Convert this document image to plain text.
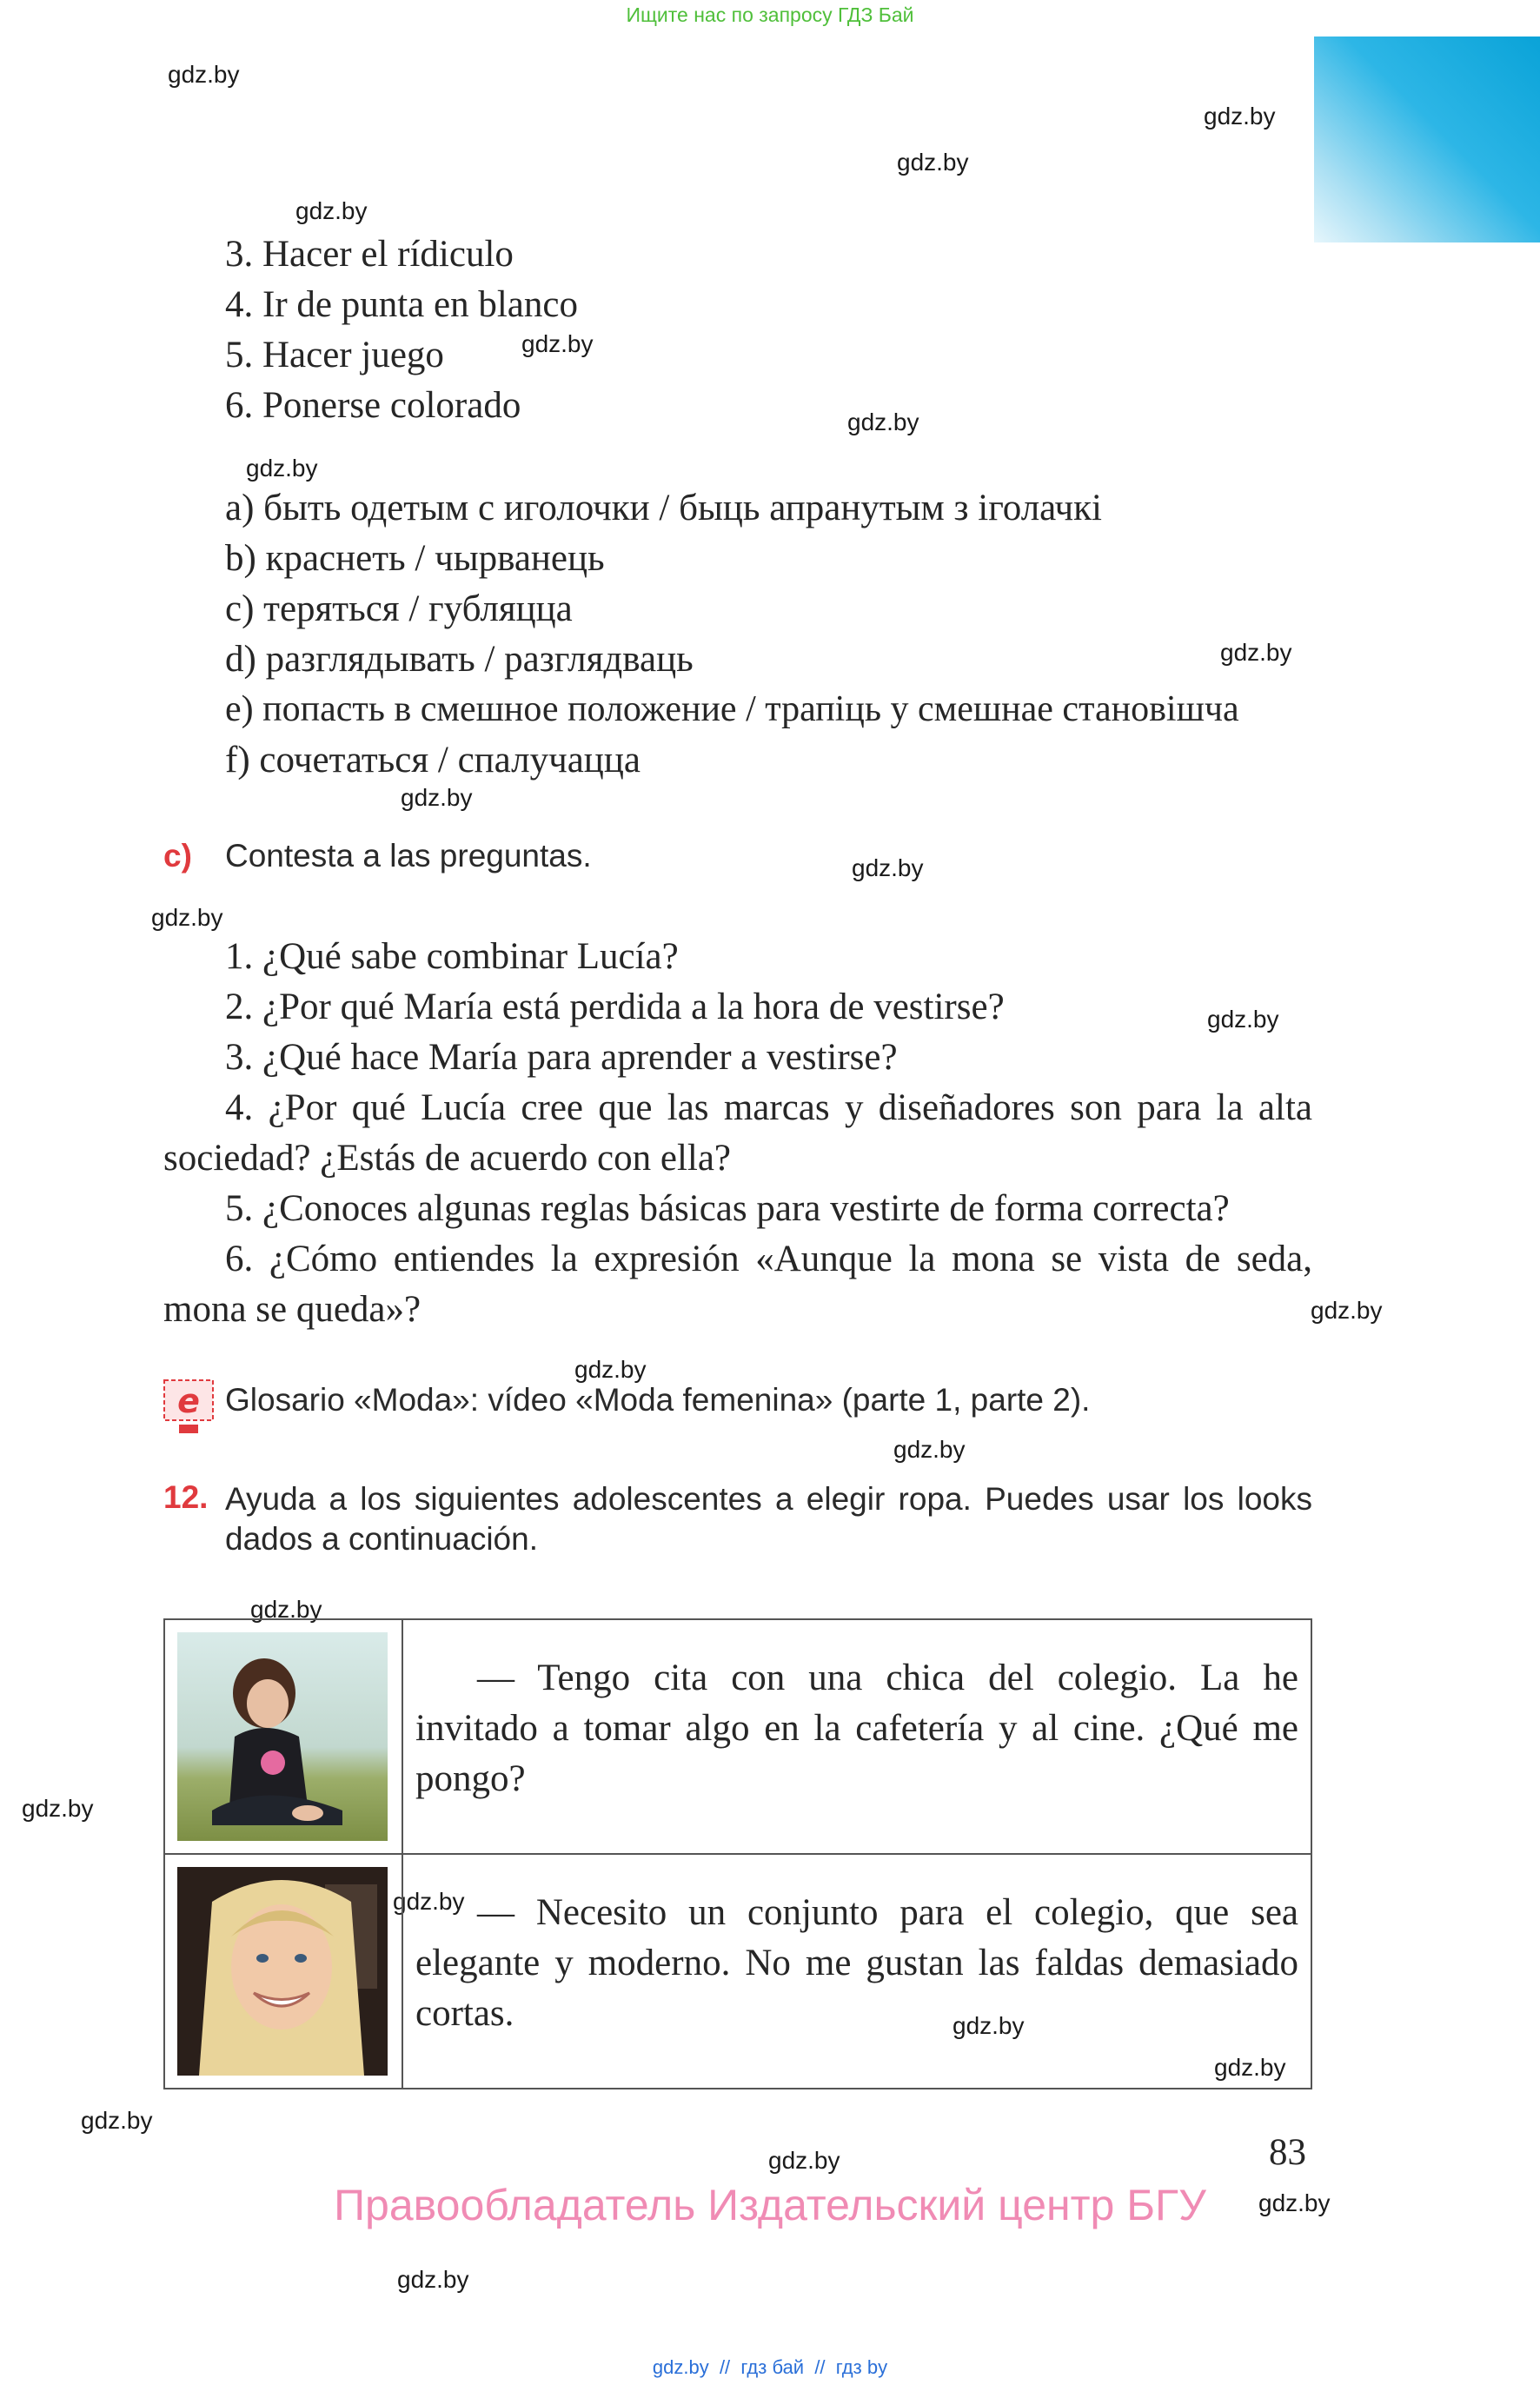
Ищите нас по запросу ГДЗ Бай
gdz.by
gdz.by
gdz.by
gdz.by
gdz.by
gdz.by
gdz.by
gdz.by
gdz.by
gdz.by
gdz.by
gdz.by
gdz.by
gdz.by
gdz.by
gdz.by
gdz.by
gdz.by
gdz.by
gdz.by
gdz.by
gdz.by
gdz.by
gdz.by
3. Hacer el rídiculo
4. Ir de punta en blanco
5. Hacer juego
6. Ponerse colorado
a) быть одетым с иголочки / быць апранутым з іголачкі
b) краснеть / чырванець
c) теряться / губляцца
d) разглядывать / разглядваць
e) попасть в смешное положение / трапіць у смешнае становішча
f) сочетаться / спалучацца
c) Contesta a las preguntas.
1. ¿Qué sabe combinar Lucía?
2. ¿Por qué María está perdida a la hora de vestirse?
3. ¿Qué hace María para aprender a vestirse?
4. ¿Por qué Lucía cree que las marcas y diseñadores son para la alta sociedad? ¿Estás de acuerdo con ella?
5. ¿Conoces algunas reglas básicas para vestirte de forma correcta?
6. ¿Cómo entiendes la expresión «Aunque la mona se vista de seda, mona se queda»?
e Glosario «Moda»: vídeo «Moda femenina» (parte 1, parte 2).
12. Ayuda a los siguientes adolescentes a elegir ropa. Puedes usar los looks dados a continuación.
	— Tengo cita con una chica del colegio. La he invitado a tomar algo en la cafetería y al cine. ¿Qué me pongo?

	— Necesito un conjunto para el colegio, que sea elegante y moderno. No me gustan las faldas demasiado cortas.
83
Правообладатель Издательский центр БГУ
gdz.by  //  гдз бай  //  гдз by
